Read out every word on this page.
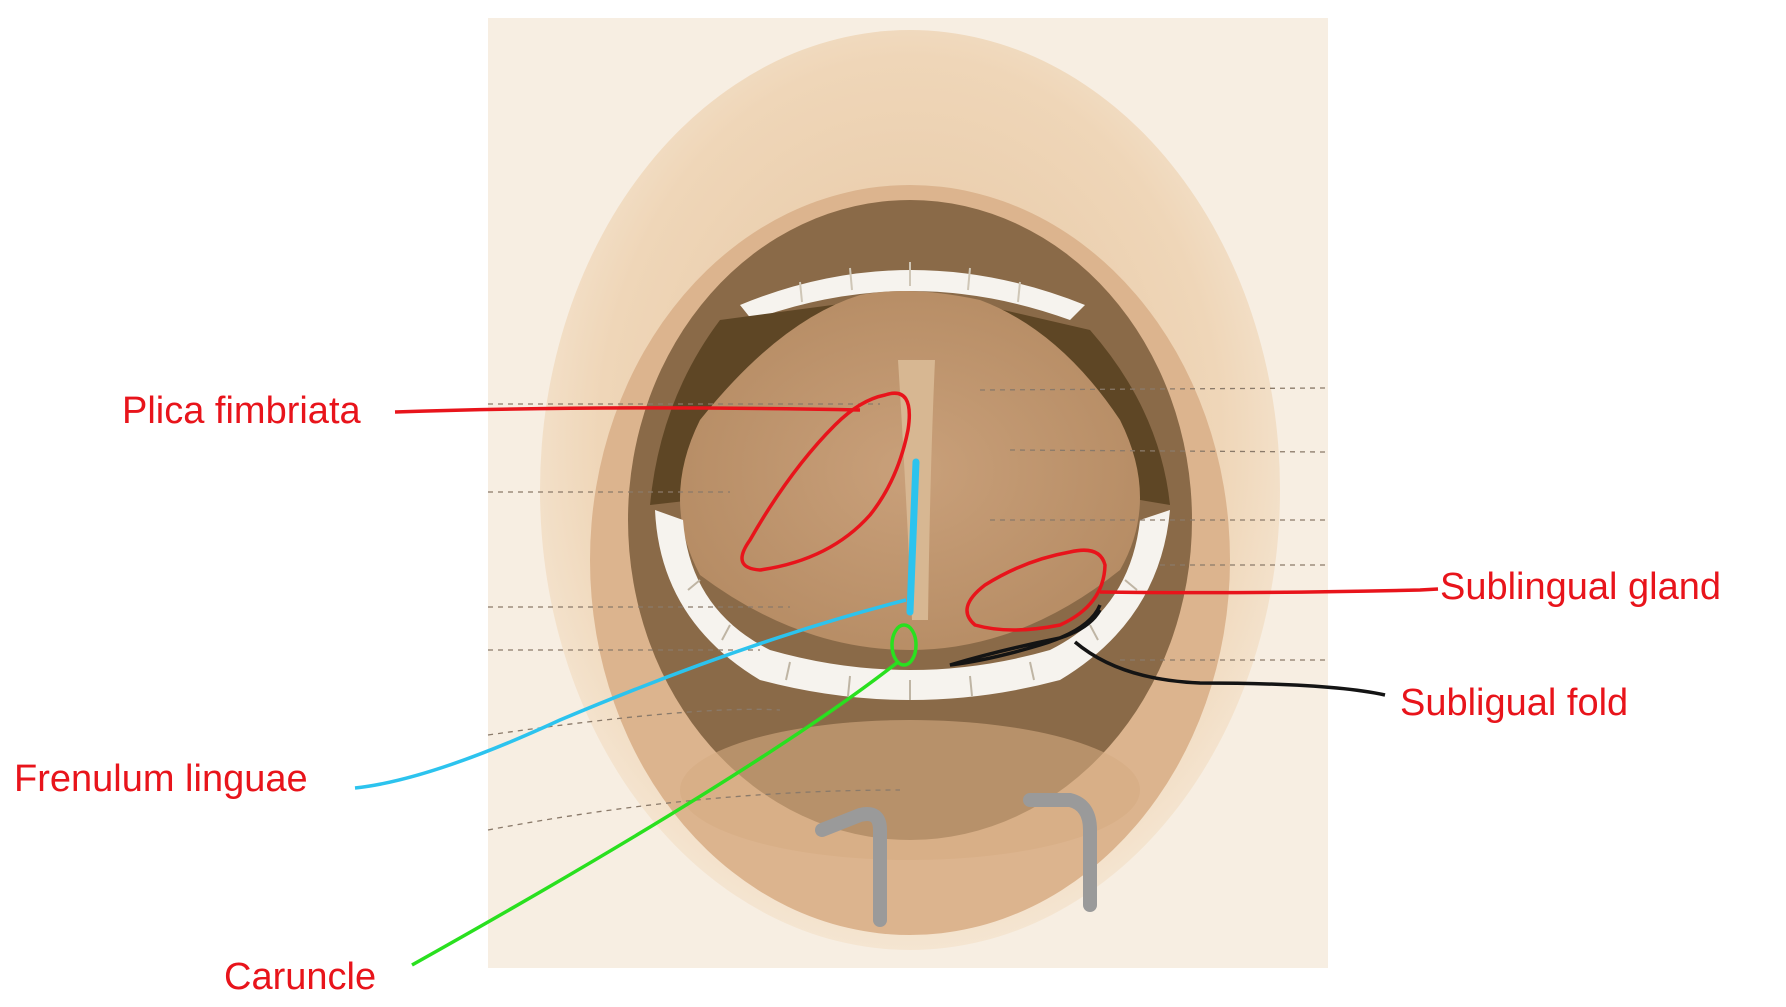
Plica fimbriata
Frenulum linguae
Caruncle
Sublingual gland
Subligual fold
